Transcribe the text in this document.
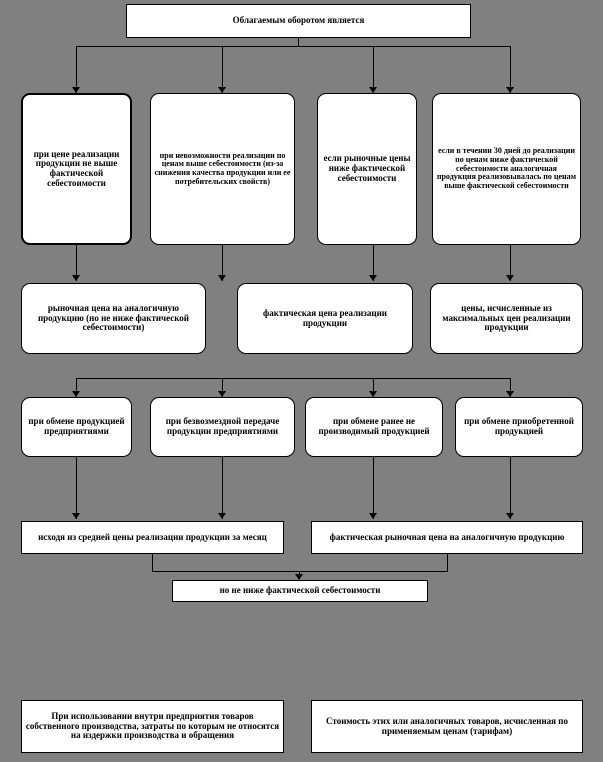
Облагаемым оборотом является
при цене реализации продукции не выше фактической себестоимости
при невозможности реализации по ценам выше себестоимости (из-за снижения качества продукции или ее потребительских свойств)
если рыночные цены ниже фактической себестоимости
если в течении 30 дней до реализации по ценам ниже фактической себестоимости аналогичная продукция реализовывалась по ценам выше фактической себестоимости
рыночная цена на аналогичную продукцию (но не ниже фактической себестоимости)
фактическая цена реализации продукции
цены, исчисленные из максимальных цен реализации продукции
при обмене продукцией предприятиями
при безвозмездной передаче продукции предприятиями
при обмене ранее не производимый продукцией
при обмене приобретенной продукцией
исходя из средней цены реализации продукции за месяц	фактическая рыночная цена на аналогичную продукцию
но не ниже фактической себестоимости
При использовании внутри предприятия товаров собственного производства, затраты по которым не относятся на издержки производства и обращения
Стоимость этих или аналогичных товаров, исчисленная по применяемым ценам (тарифам)
